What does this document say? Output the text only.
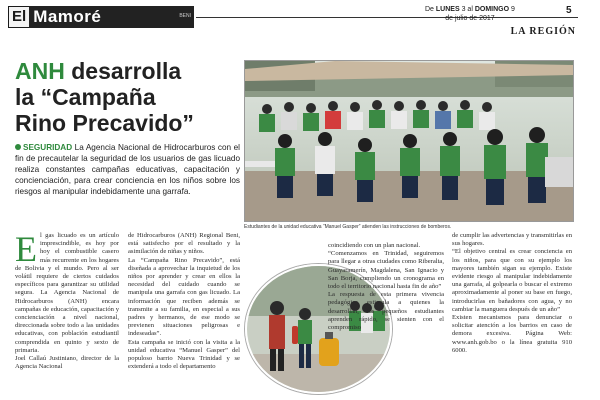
El Mamoré	BENI
De LUNES 3 al DOMINGO 9
de julio de 2017
5
LA REGIÓN
ANH desarrolla
la “Campaña
Rino Precavido”
SEGURIDAD La Agencia Nacional de Hidrocarburos con el fin de precautelar la seguridad de los usuarios de gas licuado realiza constantes campañas educativas, capacitación y concienciación, para crear conciencia en los niños sobre los riesgos al manipular indebidamente una garrafa.
Estudiantes de la unidad educativa “Manuel Gasper” atienden las instrucciones de bomberos.
E l gas licuado es un artículo imprescindible, es hoy por hoy el combustible casero más recurrente en los hogares de Bolivia y el mundo. Pero al ser volátil requiere de ciertos cuidados específicos para garantizar su utilidad segura. La Agencia Nacional de Hidrocarburos (ANH) encara campañas de educación, capacitación y concienciación a nivel nacional, direccionada sobre todo a las unidades educativas, con población estudiantil comprendida en quinto y sexto de primaria.

Joel Callaú Justiniano, director de la Agencia Nacional

de Hidrocarburos (ANH) Regional Beni, está satisfecho por el resultado y la asimilación de niñas y niños.

La “Campaña Rino Precavido”, está diseñada a aprovechar la inquietud de los niños por aprender y crear en ellos la necesidad del cuidado cuando se manipula una garrafa con gas licuado. La información que reciben además se transmite a su familia, en especial a sus padres y hermanos, de ese modo se previenen situaciones peligrosas e indeseadas”.

Esta campaña se inició con la visita a la unidad educativa “Manuel Gasper” del populoso barrio Nueva Trinidad y se extenderá a todo el departamento

coincidiendo con un plan nacional.

“Comenzamos en Trinidad, seguiremos para llegar a otras ciudades como Riberalta, Guayaramerín, Magdalena, San Ignacio y San Borja, cumpliendo un cronograma en todo el territorio nacional hasta fin de año”

La respuesta de esta primera vivencia pedagógica estimula a quienes la desarrollan, los pequeños estudiantes aprenden rápido, se sienten con el compromiso

de cumplir las advertencias y transmitirlas en sus hogares.

“El objetivo central es crear conciencia en los niños, para que con su ejemplo los mayores también sigan su ejemplo. Existe evidente riesgo al manipular indebidamente una garrafa, al golpearla o buscar el extremo aproximadamente al poner su base en fuego, introducirlas en bañadores con agua, y no cambiar la manguera después de un año”

Existen mecanismos para denunciar o solicitar atención a los barrios en caso de demora excesiva. Página Web: www.anh.gob.bo o la línea gratuita 910 6000.
